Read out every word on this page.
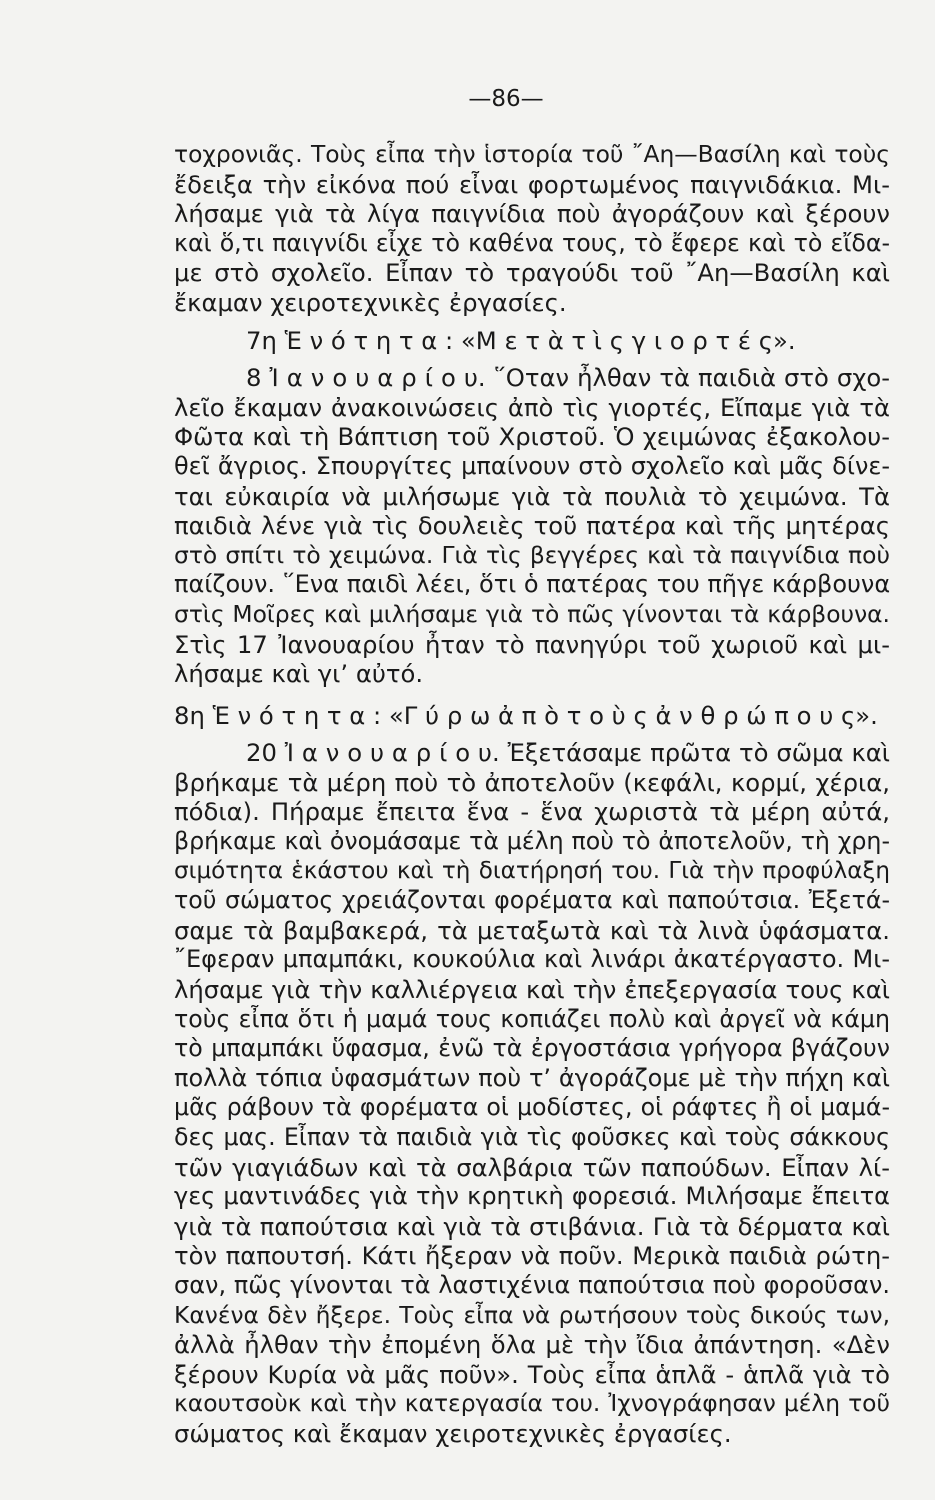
—86—
τοχρονιᾶς. Τοὺς εἶπα τὴν ἱστορία τοῦ ῎Αη—Βασίλη καὶ τοὺς
ἔδειξα τὴν εἰκόνα πού εἶναι φορτωμένος παιγνιδάκια. Μι-
λήσαμε γιὰ τὰ λίγα παιγνίδια ποὺ ἀγοράζουν καὶ ξέρουν
καὶ ὅ,τι παιγνίδι εἶχε τὸ καθένα τους, τὸ ἔφερε καὶ τὸ εἴδα-
με στὸ σχολεῖο. Εἶπαν τὸ τραγούδι τοῦ ῎Αη—Βασίλη καὶ
ἔκαμαν χειροτεχνικὲς ἐργασίες.
7η Ἑ ν ό τ η τ α : «Μ ε τ ὰ τ ὶ ς γ ι ο ρ τ έ ς».
8 Ἰ α ν ο υ α ρ ί ο υ. ῞Οταν ἦλθαν τὰ παιδιὰ στὸ σχο-
λεῖο ἔκαμαν ἀνακοινώσεις ἀπὸ τὶς γιορτές, Εἴπαμε γιὰ τὰ
Φῶτα καὶ τὴ Βάπτιση τοῦ Χριστοῦ. Ὁ χειμώνας ἐξακολου-
θεῖ ἄγριος. Σπουργίτες μπαίνουν στὸ σχολεῖο καὶ μᾶς δίνε-
ται εὐκαιρία νὰ μιλήσωμε γιὰ τὰ πουλιὰ τὸ χειμώνα. Τὰ
παιδιὰ λένε γιὰ τὶς δουλειὲς τοῦ πατέρα καὶ τῆς μητέρας
στὸ σπίτι τὸ χειμώνα. Γιὰ τὶς βεγγέρες καὶ τὰ παιγνίδια ποὺ
παίζουν. ῞Ενα παιδὶ λέει, ὅτι ὁ πατέρας του πῆγε κάρβουνα
στὶς Μοῖρες καὶ μιλήσαμε γιὰ τὸ πῶς γίνονται τὰ κάρβουνα.
Στὶς 17 Ἰανουαρίου ἦταν τὸ πανηγύρι τοῦ χωριοῦ καὶ μι-
λήσαμε καὶ γι’ αὐτό.
8η Ἑ ν ό τ η τ α : «Γ ύ ρ ω ἀ π ὸ τ ο ὺ ς ἀ ν θ ρ ώ π ο υ ς».
20 Ἰ α ν ο υ α ρ ί ο υ. Ἐξετάσαμε πρῶτα τὸ σῶμα καὶ
βρήκαμε τὰ μέρη ποὺ τὸ ἀποτελοῦν (κεφάλι, κορμί, χέρια,
πόδια). Πήραμε ἔπειτα ἕνα - ἕνα χωριστὰ τὰ μέρη αὐτά,
βρήκαμε καὶ ὀνομάσαμε τὰ μέλη ποὺ τὸ ἀποτελοῦν, τὴ χρη-
σιμότητα ἑκάστου καὶ τὴ διατήρησή του. Γιὰ τὴν προφύλαξη
τοῦ σώματος χρειάζονται φορέματα καὶ παπούτσια. Ἐξετά-
σαμε τὰ βαμβακερά, τὰ μεταξωτὰ καὶ τὰ λινὰ ὑφάσματα.
῎Εφεραν μπαμπάκι, κουκούλια καὶ λινάρι ἀκατέργαστο. Μι-
λήσαμε γιὰ τὴν καλλιέργεια καὶ τὴν ἐπεξεργασία τους καὶ
τοὺς εἶπα ὅτι ἡ μαμά τους κοπιάζει πολὺ καὶ ἀργεῖ νὰ κάμη
τὸ μπαμπάκι ὕφασμα, ἐνῶ τὰ ἐργοστάσια γρήγορα βγάζουν
πολλὰ τόπια ὑφασμάτων ποὺ τ’ ἀγοράζομε μὲ τὴν πήχη καὶ
μᾶς ράβουν τὰ φορέματα οἱ μοδίστες, οἱ ράφτες ἢ οἱ μαμά-
δες μας. Εἶπαν τὰ παιδιὰ γιὰ τὶς φοῦσκες καὶ τοὺς σάκκους
τῶν γιαγιάδων καὶ τὰ σαλβάρια τῶν παπούδων. Εἶπαν λί-
γες μαντινάδες γιὰ τὴν κρητικὴ φορεσιά. Μιλήσαμε ἔπειτα
γιὰ τὰ παπούτσια καὶ γιὰ τὰ στιβάνια. Γιὰ τὰ δέρματα καὶ
τὸν παπουτσή. Κάτι ἤξεραν νὰ ποῦν. Μερικὰ παιδιὰ ρώτη-
σαν, πῶς γίνονται τὰ λαστιχένια παπούτσια ποὺ φοροῦσαν.
Κανένα δὲν ἤξερε. Τοὺς εἶπα νὰ ρωτήσουν τοὺς δικούς των,
ἀλλὰ ἦλθαν τὴν ἐπομένη ὅλα μὲ τὴν ἴδια ἀπάντηση. «Δὲν
ξέρουν Κυρία νὰ μᾶς ποῦν». Τοὺς εἶπα ἁπλᾶ - ἁπλᾶ γιὰ τὸ
καουτσοὺκ καὶ τὴν κατεργασία του. Ἰχνογράφησαν μέλη τοῦ
σώματος καὶ ἔκαμαν χειροτεχνικὲς ἐργασίες.
